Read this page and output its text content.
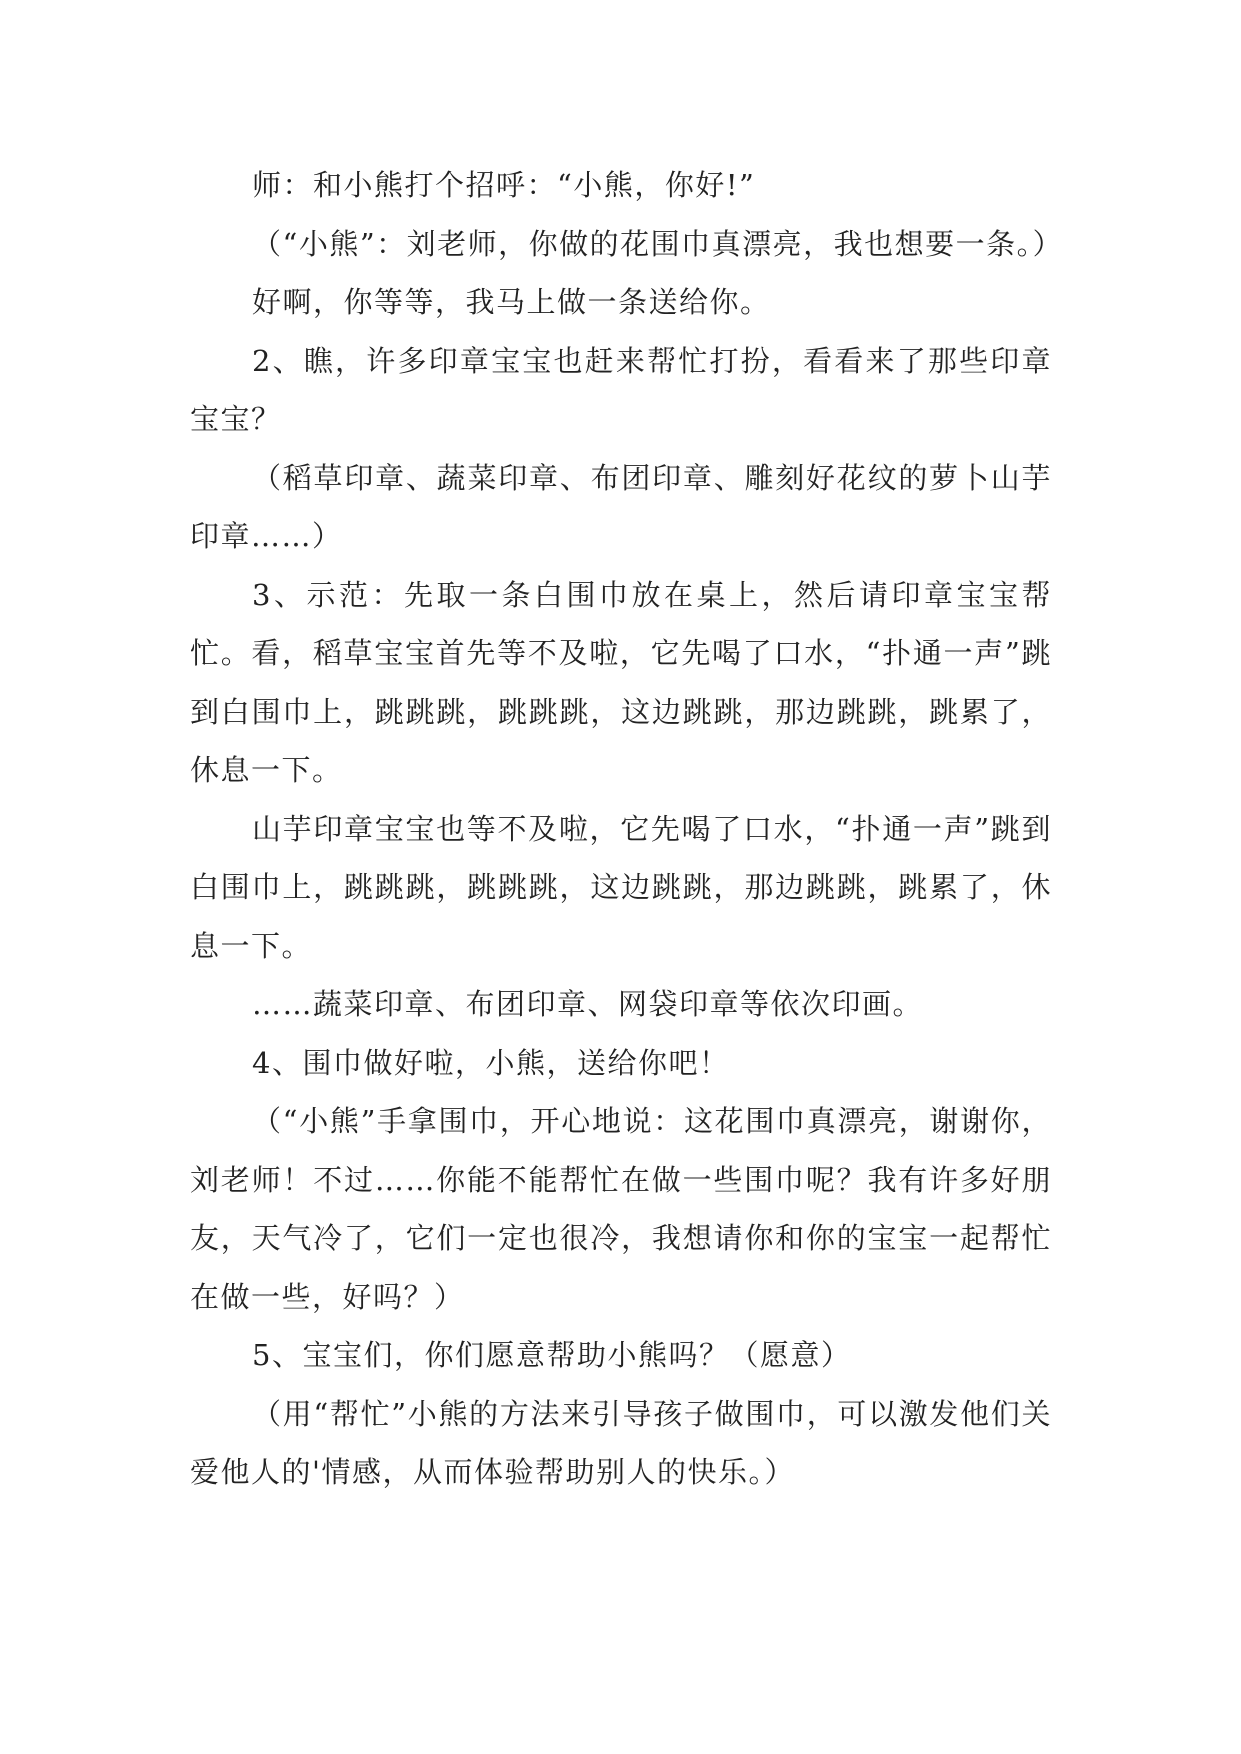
师：和小熊打个招呼：“小熊，你好!”

（“小熊”：刘老师，你做的花围巾真漂亮，我也想要一条。）

好啊，你等等，我马上做一条送给你。

2、瞧，许多印章宝宝也赶来帮忙打扮，看看来了那些印章宝宝？

（稻草印章、蔬菜印章、布团印章、雕刻好花纹的萝卜山芋印章……）

3、示范：先取一条白围巾放在桌上，然后请印章宝宝帮忙。看，稻草宝宝首先等不及啦，它先喝了口水，“扑通一声”跳到白围巾上，跳跳跳，跳跳跳，这边跳跳，那边跳跳，跳累了，休息一下。

山芋印章宝宝也等不及啦，它先喝了口水，“扑通一声”跳到白围巾上，跳跳跳，跳跳跳，这边跳跳，那边跳跳，跳累了，休息一下。

……蔬菜印章、布团印章、网袋印章等依次印画。

4、围巾做好啦，小熊，送给你吧！

（“小熊”手拿围巾，开心地说：这花围巾真漂亮，谢谢你，刘老师！不过……你能不能帮忙在做一些围巾呢？我有许多好朋友，天气冷了，它们一定也很冷，我想请你和你的宝宝一起帮忙在做一些，好吗？）

5、宝宝们，你们愿意帮助小熊吗？（愿意）

（用“帮忙”小熊的方法来引导孩子做围巾，可以激发他们关爱他人的'情感，从而体验帮助别人的快乐。）
